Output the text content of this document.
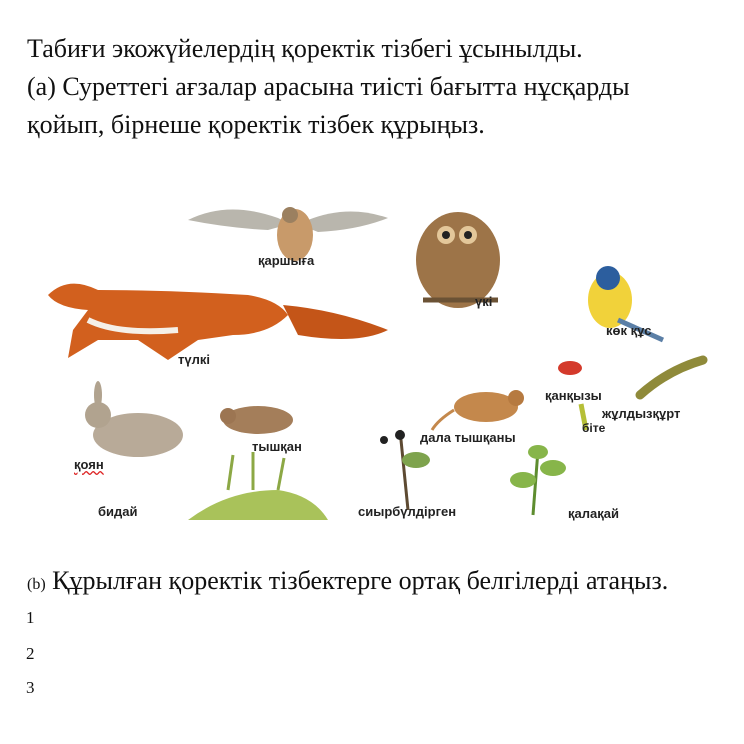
Табиғи экожүйелердің қоректік тізбегі ұсынылды.

(а) Суреттегі ағзалар арасына тиісті бағытта нұсқарды

қойып, бірнеше қоректік тізбек құрыңыз.

қаршыға
үкі
түлкі
көк құс
қанқызы
жұлдызқұрт
біте
дала тышқаны
қоян
тышқан
бидай	сиырбүлдірген	қалақай
(b) Құрылған қоректік тізбектерге ортақ белгілерді атаңыз.
1
2
3
